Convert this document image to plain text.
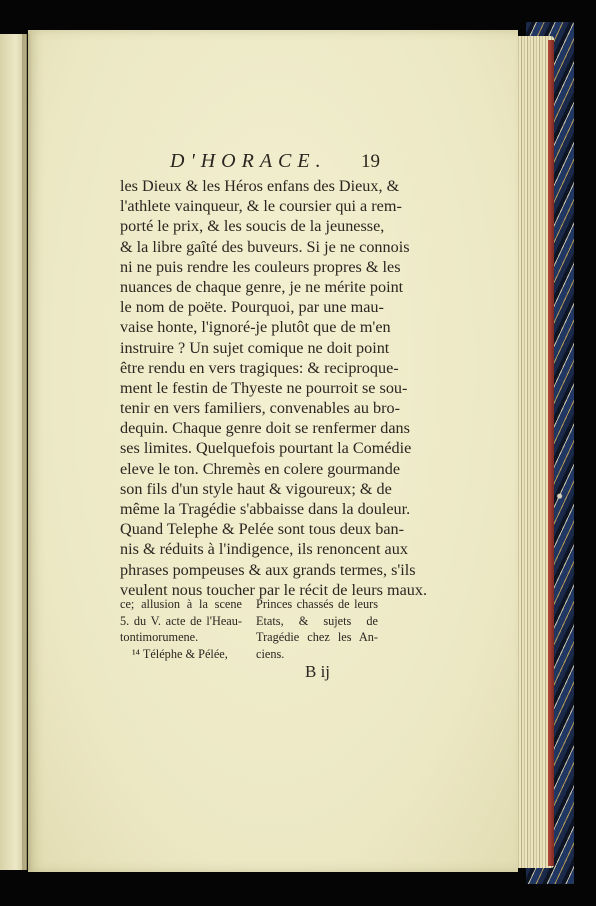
D'HORACE. 19
les Dieux & les Héros enfans des Dieux, &
l'athlete vainqueur, & le coursier qui a rem-
porté le prix, & les soucis de la jeunesse,
& la libre gaîté des buveurs. Si je ne connois
ni ne puis rendre les couleurs propres & les
nuances de chaque genre, je ne mérite point
le nom de poëte. Pourquoi, par une mau-
vaise honte, l'ignoré-je plutôt que de m'en
instruire ? Un sujet comique ne doit point
être rendu en vers tragiques: & reciproque-
ment le festin de Thyeste ne pourroit se sou-
tenir en vers familiers, convenables au bro-
dequin. Chaque genre doit se renfermer dans
ses limites. Quelquefois pourtant la Comédie
eleve le ton. Chremès en colere gourmande
son fils d'un style haut & vigoureux; & de
même la Tragédie s'abbaisse dans la douleur.
Quand Telephe & Pelée sont tous deux ban-
nis & réduits à l'indigence, ils renoncent aux
phrases pompeuses & aux grands termes, s'ils
veulent nous toucher par le récit de leurs maux.
ce; allusion à la scene
5. du V. acte de l'Heau-
tontimorumene.
¹⁴ Téléphe & Pélée,
Princes chassés de leurs
Etats, & sujets de
Tragédie chez les An-
ciens.
B ij
